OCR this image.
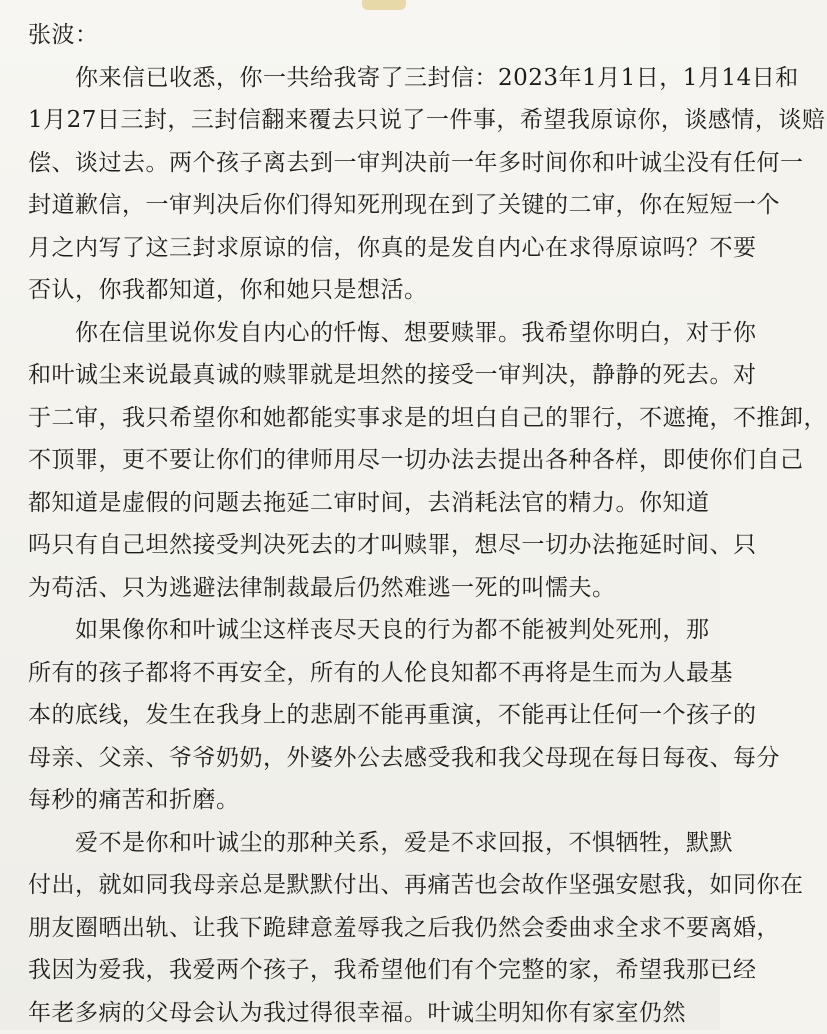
张波：
　　你来信已收悉，你一共给我寄了三封信：2023年1月1日，1月14日和
1月27日三封，三封信翻来覆去只说了一件事，希望我原谅你，谈感情，谈赔
偿、谈过去。两个孩子离去到一审判决前一年多时间你和叶诚尘没有任何一
封道歉信，一审判决后你们得知死刑现在到了关键的二审，你在短短一个
月之内写了这三封求原谅的信，你真的是发自内心在求得原谅吗？不要
否认，你我都知道，你和她只是想活。
　　你在信里说你发自内心的忏悔、想要赎罪。我希望你明白，对于你
和叶诚尘来说最真诚的赎罪就是坦然的接受一审判决，静静的死去。对
于二审，我只希望你和她都能实事求是的坦白自己的罪行，不遮掩，不推卸，
不顶罪，更不要让你们的律师用尽一切办法去提出各种各样，即使你们自己
都知道是虚假的问题去拖延二审时间，去消耗法官的精力。你知道
吗只有自己坦然接受判决死去的才叫赎罪，想尽一切办法拖延时间、只
为苟活、只为逃避法律制裁最后仍然难逃一死的叫懦夫。
　　如果像你和叶诚尘这样丧尽天良的行为都不能被判处死刑，那
所有的孩子都将不再安全，所有的人伦良知都不再将是生而为人最基
本的底线，发生在我身上的悲剧不能再重演，不能再让任何一个孩子的
母亲、父亲、爷爷奶奶，外婆外公去感受我和我父母现在每日每夜、每分
每秒的痛苦和折磨。
　　爱不是你和叶诚尘的那种关系，爱是不求回报，不惧牺牲，默默
付出，就如同我母亲总是默默付出、再痛苦也会故作坚强安慰我，如同你在
朋友圈晒出轨、让我下跪肆意羞辱我之后我仍然会委曲求全求不要离婚，
我因为爱我，我爱两个孩子，我希望他们有个完整的家，希望我那已经
年老多病的父母会认为我过得很幸福。叶诚尘明知你有家室仍然
